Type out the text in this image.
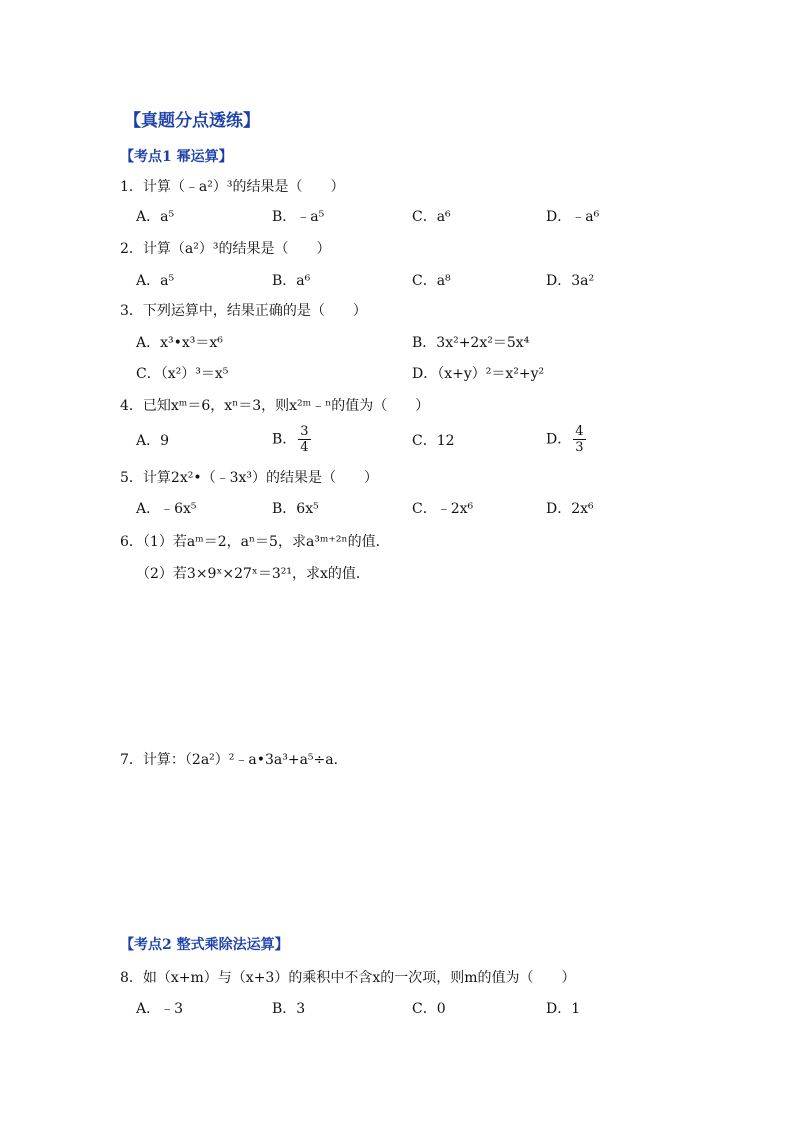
【真题分点透练】
【考点1 幂运算】
1．计算（﹣a²）³的结果是（　　）
A．a⁵	B．﹣a⁵	C．a⁶	D．﹣a⁶
2．计算（a²）³的结果是（　　）
A．a⁵	B．a⁶	C．a⁸	D．3a²
3．下列运算中，结果正确的是（　　）
A．x³•x³＝x⁶	B．3x²+2x²＝5x⁴
C．（x²）³＝x⁵	D．（x+y）²＝x²+y²
4．已知xᵐ＝6，xⁿ＝3，则x²ᵐ﹣ⁿ的值为（　　）
A．9	B． $\frac{3}{4}$	C．12	D． $\frac{4}{3}$
5．计算2x²•（﹣3x³）的结果是（　　）
A．﹣6x⁵	B．6x⁵	C．﹣2x⁶	D．2x⁶
6．（1）若aᵐ＝2，aⁿ＝5，求a³ᵐ⁺²ⁿ的值．
（2）若3×9ˣ×27ˣ＝3²¹，求x的值．
7．计算：（2a²）²﹣a•3a³+a⁵÷a．
【考点2 整式乘除法运算】
8．如（x+m）与（x+3）的乘积中不含x的一次项，则m的值为（　　）
A．﹣3	B．3	C．0	D．1
